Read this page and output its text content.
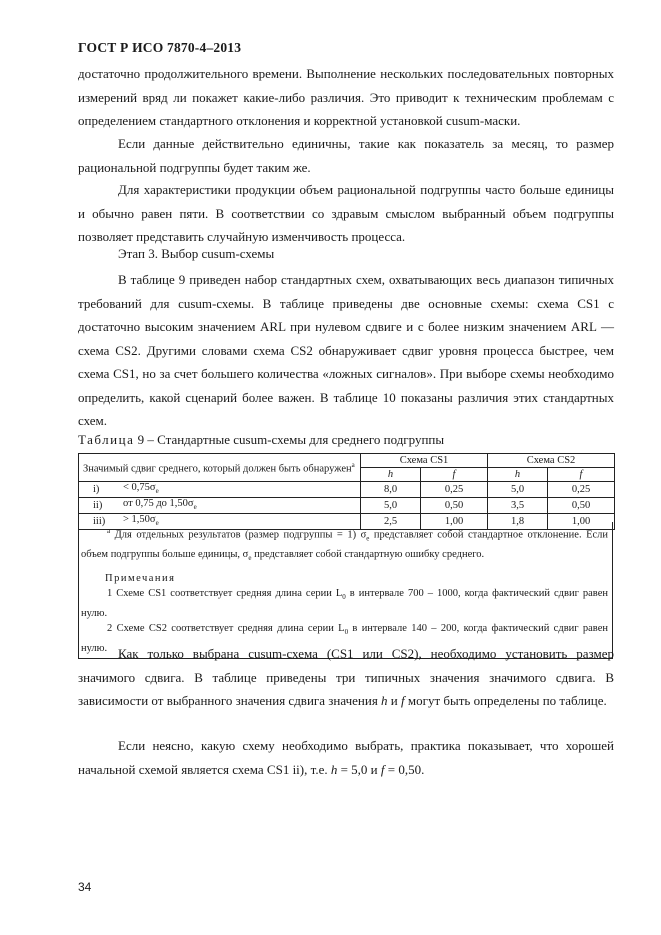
ГОСТ Р ИСО 7870-4–2013

достаточно продолжительного времени. Выполнение нескольких последовательных повторных измерений вряд ли покажет какие-либо различия. Это приводит к техническим проблемам с определением стандартного отклонения и корректной установкой cusum-маски.

Если данные действительно единичны, такие как показатель за месяц, то размер рациональной подгруппы будет таким же.

Для характеристики продукции объем рациональной подгруппы часто больше единицы и обычно равен пяти. В соответствии со здравым смыслом выбранный объем подгруппы позволяет представить случайную изменчивость процесса.

Этап 3. Выбор cusum-схемы

В таблице 9 приведен набор стандартных схем, охватывающих весь диапазон типичных требований для cusum-схемы. В таблице приведены две основные схемы: схема CS1 с достаточно высоким значением ARL при нулевом сдвиге и с более низким значением ARL — схема CS2. Другими словами схема CS2 обнаруживает сдвиг уровня процесса быстрее, чем схема CS1, но за счет большего количества «ложных сигналов». При выборе схемы необходимо определить, какой сценарий более важен. В таблице 10 показаны различия этих стандартных схем.

Таблица 9 – Стандартные cusum-схемы для среднего подгруппы
Значимый сдвиг среднего, который должен быть обнаружен$^а$		Схема CS1		Схема CS2	
		h	f	h	f
i)	< $0,75\sigma_е$	8,0	0,25	5,0	0,25
ii)	от 0,75 до $1,50\sigma_е$	5,0	0,50	3,5	0,50
iii)	> $1,50\sigma_е$	2,5	1,00	1,8	1,00
$^а$ Для отдельных результатов (размер подгруппы = 1) $\sigma_е$ представляет собой стандартное отклонение. Если объем подгруппы больше единицы, $\sigma_е$ представляет собой стандартную ошибку среднего.
Примечания
1 Схеме CS1 соответствует средняя длина серии $L_0$ в интервале 700 – 1000, когда фактический сдвиг равен нулю.
2 Схеме CS2 соответствует средняя длина серии $L_0$ в интервале 140 – 200, когда фактический сдвиг равен нулю. Как только выбрана cusum-схема (CS1 или CS2), необходимо установить размер значимого сдвига. В таблице приведены три типичных значения значимого сдвига. В зависимости от выбранного значения сдвига значения h и f могут быть определены по таблице.

Если неясно, какую схему необходимо выбрать, практика показывает, что хорошей начальной схемой является схема CS1 ii), т.е. h = 5,0 и f = 0,50.

34
